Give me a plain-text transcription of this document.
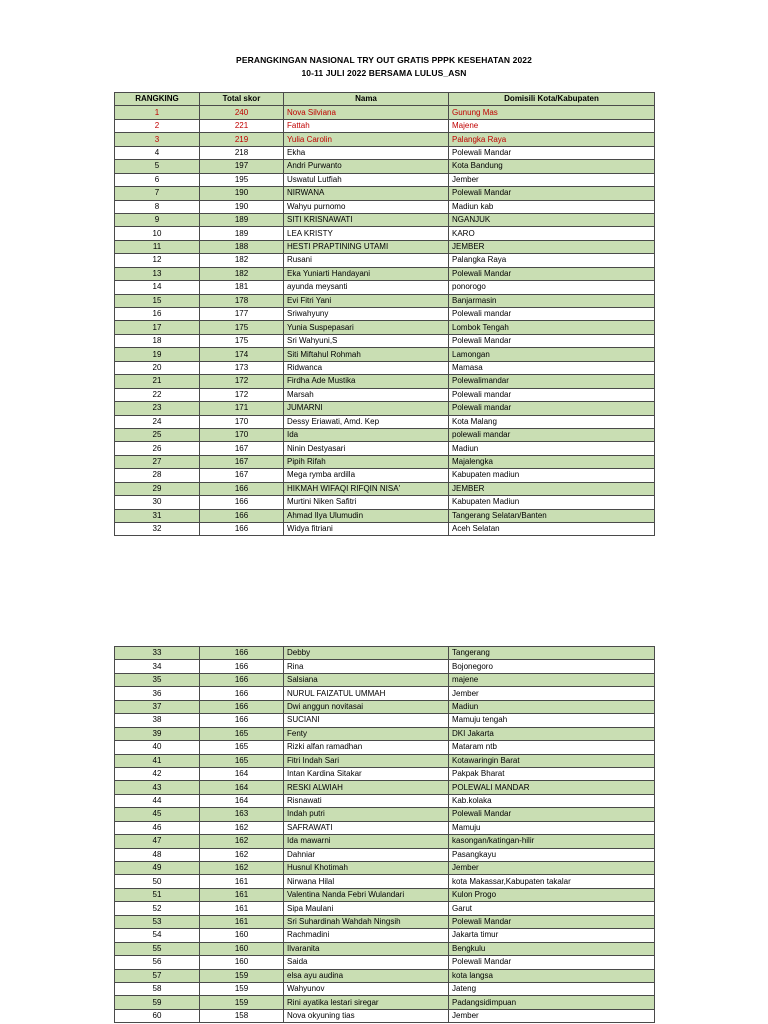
PERANGKINGAN NASIONAL TRY OUT GRATIS PPPK KESEHATAN 2022
10-11 JULI 2022 BERSAMA LULUS_ASN
RANGKING	Total skor	Nama	Domisili Kota/Kabupaten
1	240	Nova Silviana	Gunung Mas
2	221	Fattah	Majene
3	219	Yulia Carolin	Palangka Raya
4	218	Ekha	Polewali Mandar
5	197	Andri Purwanto	Kota Bandung
6	195	Uswatul Lutfiah	Jember
7	190	NIRWANA	Polewali Mandar
8	190	Wahyu purnomo	Madiun kab
9	189	SITI KRISNAWATI	NGANJUK
10	189	LEA KRISTY	KARO
11	188	HESTI PRAPTINING UTAMI	JEMBER
12	182	Rusani	Palangka Raya
13	182	Eka Yuniarti Handayani	Polewali Mandar
14	181	ayunda meysanti	ponorogo
15	178	Evi Fitri Yani	Banjarmasin
16	177	Sriwahyuny	Polewali mandar
17	175	Yunia Suspepasari	Lombok Tengah
18	175	Sri Wahyuni,S	Polewali Mandar
19	174	Siti Miftahul Rohmah	Lamongan
20	173	Ridwanca	Mamasa
21	172	Firdha Ade Mustika	Polewalimandar
22	172	Marsah	Polewali mandar
23	171	JUMARNI	Polewali mandar
24	170	Dessy Eriawati, Amd. Kep	Kota Malang
25	170	Ida	polewali mandar
26	167	Ninin Destyasari	Madiun
27	167	Pipih Rifah	Majalengka
28	167	Mega rymba ardilla	Kabupaten madiun
29	166	HIKMAH WIFAQI RIFQIN NISA'	JEMBER
30	166	Murtini Niken Safitri	Kabupaten Madiun
31	166	Ahmad Ilya Ulumudin	Tangerang Selatan/Banten
32	166	Widya fitriani	Aceh Selatan
33	166	Debby	Tangerang
34	166	Rina	Bojonegoro
35	166	Salsiana	majene
36	166	NURUL FAIZATUL UMMAH	Jember
37	166	Dwi anggun novitasai	Madiun
38	166	SUCIANI	Mamuju tengah
39	165	Fenty	DKI Jakarta
40	165	Rizki alfan ramadhan	Mataram ntb
41	165	Fitri Indah Sari	Kotawaringin Barat
42	164	Intan Kardina Sitakar	Pakpak Bharat
43	164	RESKI ALWIAH	POLEWALI MANDAR
44	164	Risnawati	Kab.kolaka
45	163	Indah putri	Polewali Mandar
46	162	SAFRAWATI	Mamuju
47	162	Ida mawarni	kasongan/katingan-hilir
48	162	Dahniar	Pasangkayu
49	162	Husnul Khotimah	Jember
50	161	Nirwana Hilal	kota Makassar,Kabupaten takalar
51	161	Valentina Nanda Febri Wulandari	Kulon Progo
52	161	Sipa Maulani	Garut
53	161	Sri Suhardinah Wahdah Ningsih	Polewali Mandar
54	160	Rachmadini	Jakarta timur
55	160	Ilvaranita	Bengkulu
56	160	Saida	Polewali Mandar
57	159	elsa ayu audina	kota langsa
58	159	Wahyunov	Jateng
59	159	Rini ayatika lestari siregar	Padangsidimpuan
60	158	Nova okyuning tias	Jember
